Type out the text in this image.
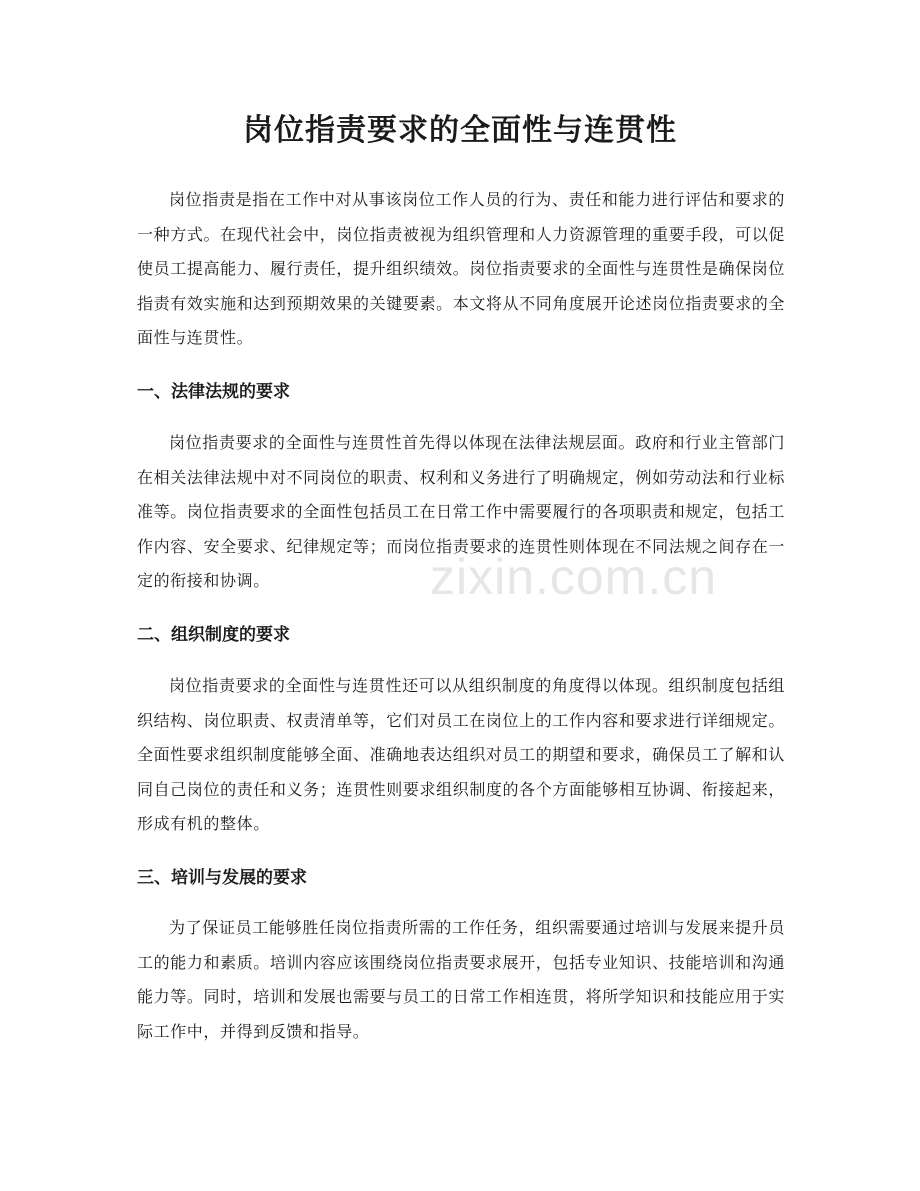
zixin.com.cn
岗位指责要求的全面性与连贯性

岗位指责是指在工作中对从事该岗位工作人员的行为、责任和能力进行评估和要求的一种方式。在现代社会中，岗位指责被视为组织管理和人力资源管理的重要手段，可以促使员工提高能力、履行责任，提升组织绩效。岗位指责要求的全面性与连贯性是确保岗位指责有效实施和达到预期效果的关键要素。本文将从不同角度展开论述岗位指责要求的全面性与连贯性。

一、法律法规的要求

岗位指责要求的全面性与连贯性首先得以体现在法律法规层面。政府和行业主管部门在相关法律法规中对不同岗位的职责、权利和义务进行了明确规定，例如劳动法和行业标准等。岗位指责要求的全面性包括员工在日常工作中需要履行的各项职责和规定，包括工作内容、安全要求、纪律规定等；而岗位指责要求的连贯性则体现在不同法规之间存在一定的衔接和协调。

二、组织制度的要求

岗位指责要求的全面性与连贯性还可以从组织制度的角度得以体现。组织制度包括组织结构、岗位职责、权责清单等，它们对员工在岗位上的工作内容和要求进行详细规定。全面性要求组织制度能够全面、准确地表达组织对员工的期望和要求，确保员工了解和认同自己岗位的责任和义务；连贯性则要求组织制度的各个方面能够相互协调、衔接起来，形成有机的整体。

三、培训与发展的要求

为了保证员工能够胜任岗位指责所需的工作任务，组织需要通过培训与发展来提升员工的能力和素质。培训内容应该围绕岗位指责要求展开，包括专业知识、技能培训和沟通能力等。同时，培训和发展也需要与员工的日常工作相连贯，将所学知识和技能应用于实际工作中，并得到反馈和指导。
